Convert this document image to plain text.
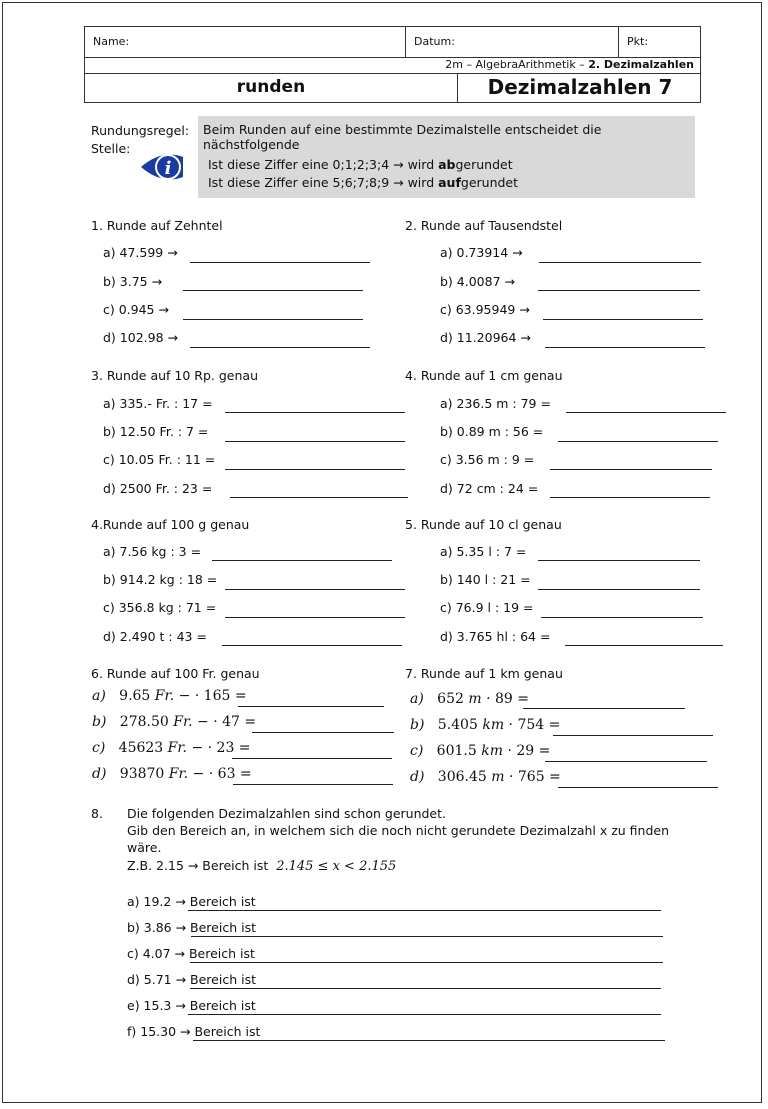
Name:	Datum:	Pkt:
2m – AlgebraArithmetik – 2. Dezimalzahlen
runden	Dezimalzahlen 7
Rundungsregel:
Stelle:
i
Beim Runden auf eine bestimmte Dezimalstelle entscheidet die nächstfolgende
Ist diese Ziffer eine 0;1;2;3;4 → wird abgerundet
Ist diese Ziffer eine 5;6;7;8;9 → wird aufgerundet
1. Runde auf Zehntel
a) 47.599 →
b) 3.75 →
c) 0.945 →
d) 102.98 →
2. Runde auf Tausendstel
a) 0.73914 →
b) 4.0087 →
c) 63.95949 →
d) 11.20964 →
3. Runde auf 10 Rp. genau
a) 335.- Fr. : 17 =
b) 12.50 Fr. : 7 =
c) 10.05 Fr. : 11 =
d) 2500 Fr. : 23 =
4. Runde auf 1 cm genau
a) 236.5 m : 79 =
b) 0.89 m : 56 =
c) 3.56 m : 9 =
d) 72 cm : 24 =
4.Runde auf 100 g genau
a) 7.56 kg : 3 =
b) 914.2 kg : 18 =
c) 356.8 kg : 71 =
d) 2.490 t : 43 =
5. Runde auf 10 cl genau
a) 5.35 l : 7 =
b) 140 l : 21 =
c) 76.9 l : 19 =
d) 3.765 hl : 64 =
6. Runde auf 100 Fr. genau
a) 9.65 Fr. − · 165 =
b) 278.50 Fr. − · 47 =
c) 45623 Fr. − · 23 =
d) 93870 Fr. − · 63 =
7. Runde auf 1 km genau
a) 652 m · 89 =
b) 5.405 km · 754 =
c) 601.5 km · 29 =
d) 306.45 m · 765 =
8. Die folgenden Dezimalzahlen sind schon gerundet.
Gib den Bereich an, in welchem sich die noch nicht gerundete Dezimalzahl x zu finden
wäre.
Z.B. 2.15 → Bereich ist 2.145 ≤ x < 2.155
a) 19.2 → Bereich ist
b) 3.86 → Bereich ist
c) 4.07 → Bereich ist
d) 5.71 → Bereich ist
e) 15.3 → Bereich ist
f) 15.30 → Bereich ist
